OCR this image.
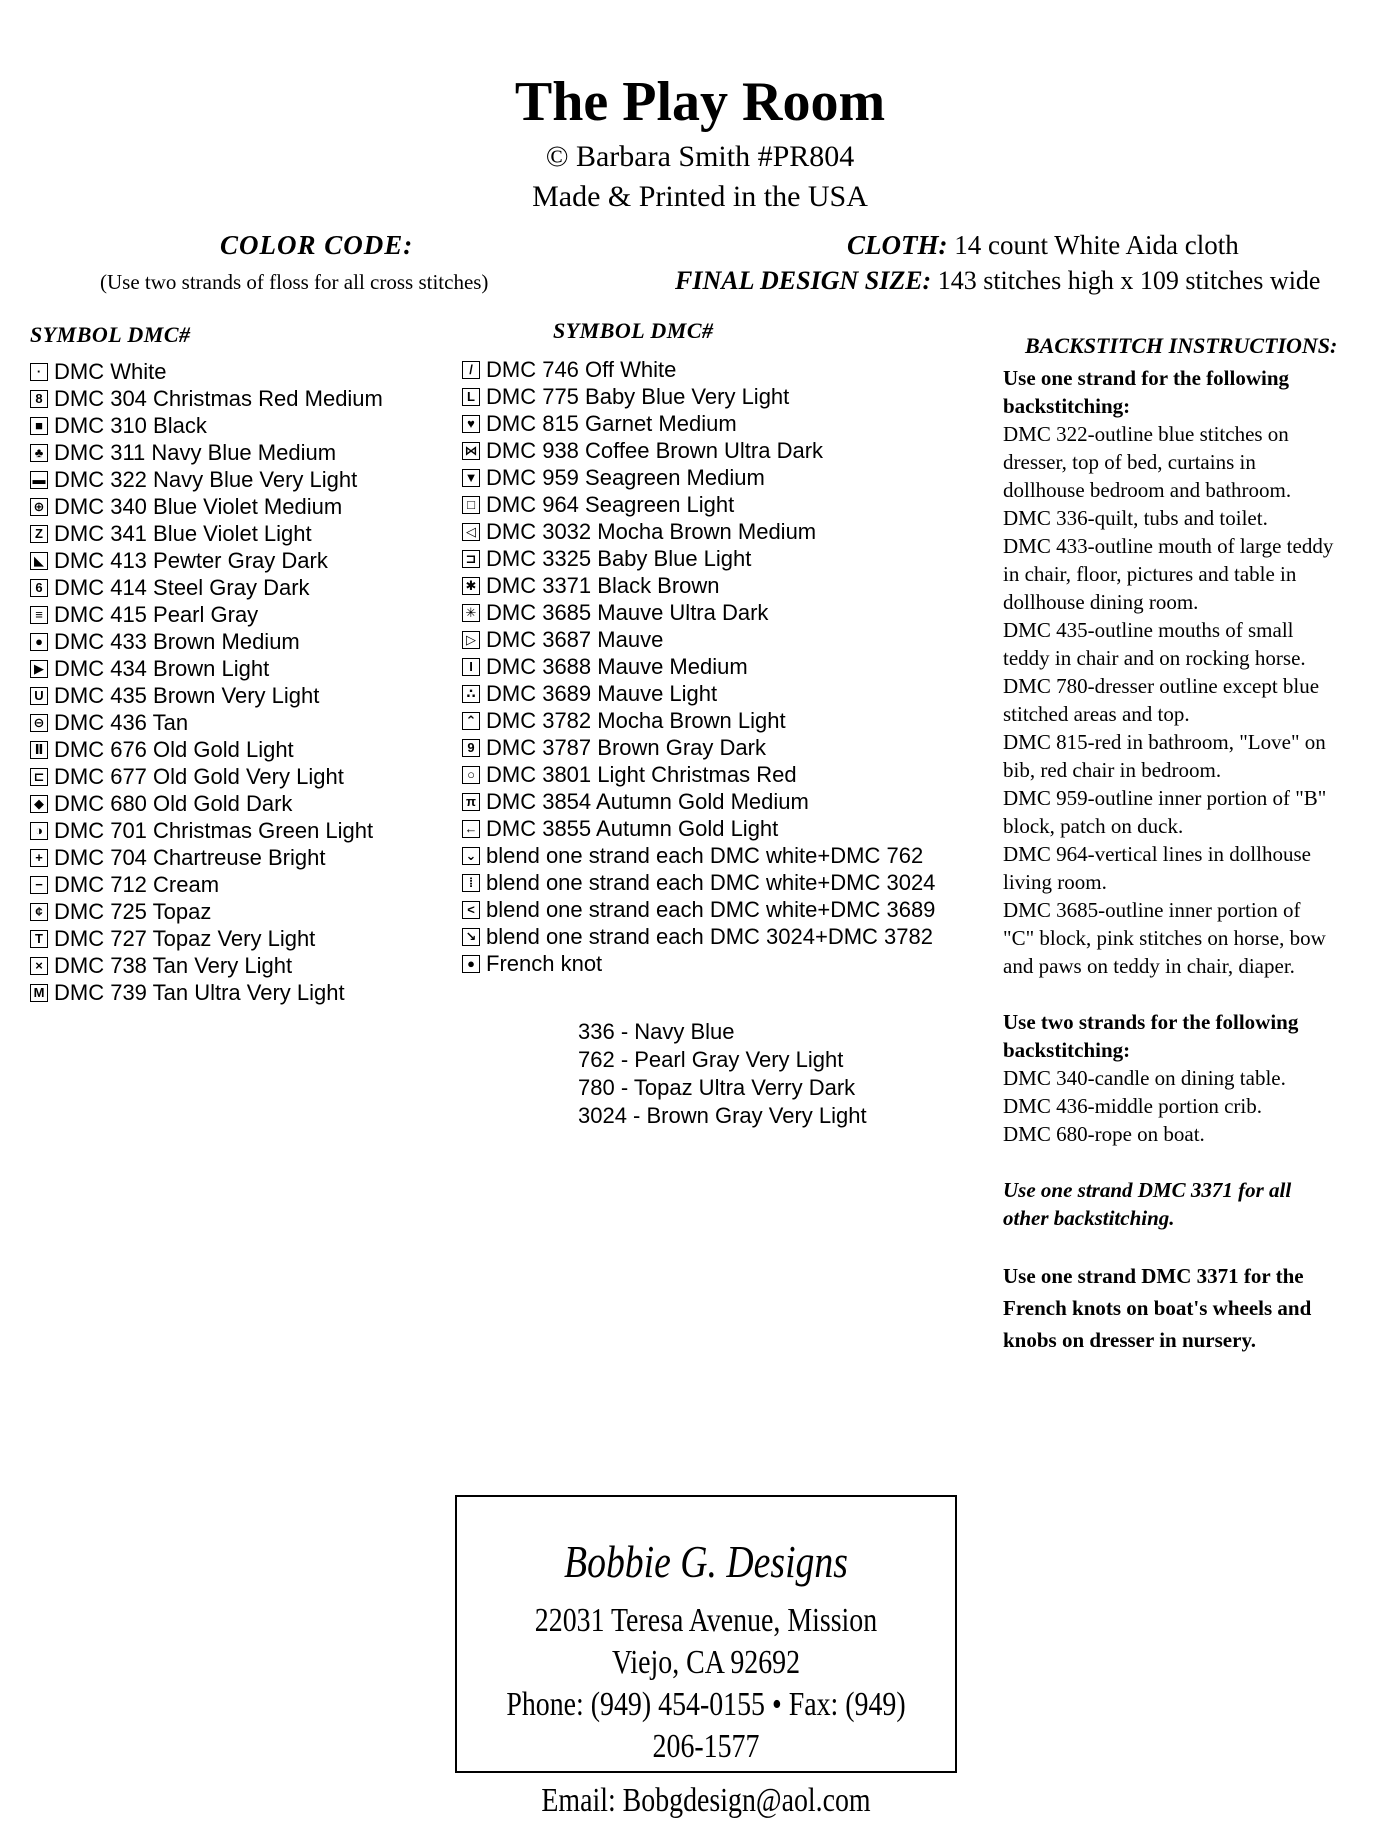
The Play Room
© Barbara Smith #PR804
Made & Printed in the USA
COLOR CODE:
(Use two strands of floss for all cross stitches)
CLOTH: 14 count White Aida cloth
FINAL DESIGN SIZE: 143 stitches high x 109 stitches wide
SYMBOL DMC#	SYMBOL DMC#
· DMC White
8 DMC 304 Christmas Red Medium
■ DMC 310 Black
♣ DMC 311 Navy Blue Medium
▬ DMC 322 Navy Blue Very Light
⊕ DMC 340 Blue Violet Medium
Z DMC 341 Blue Violet Light
◣ DMC 413 Pewter Gray Dark
6 DMC 414 Steel Gray Dark
≡ DMC 415 Pearl Gray
● DMC 433 Brown Medium
▶ DMC 434 Brown Light
U DMC 435 Brown Very Light
⊖ DMC 436 Tan
Ⅱ DMC 676 Old Gold Light
⊏ DMC 677 Old Gold Very Light
◆ DMC 680 Old Gold Dark
◑ DMC 701 Christmas Green Light
+ DMC 704 Chartreuse Bright
− DMC 712 Cream
¢ DMC 725 Topaz
T DMC 727 Topaz Very Light
× DMC 738 Tan Very Light
M DMC 739 Tan Ultra Very Light
/ DMC 746 Off White
L DMC 775 Baby Blue Very Light
♥ DMC 815 Garnet Medium
⋈ DMC 938 Coffee Brown Ultra Dark
▼ DMC 959 Seagreen Medium
□ DMC 964 Seagreen Light
◁ DMC 3032 Mocha Brown Medium
⊐ DMC 3325 Baby Blue Light
✱ DMC 3371 Black Brown
✳ DMC 3685 Mauve Ultra Dark
▷ DMC 3687 Mauve
I DMC 3688 Mauve Medium
∴ DMC 3689 Mauve Light
⌃ DMC 3782 Mocha Brown Light
9 DMC 3787 Brown Gray Dark
○ DMC 3801 Light Christmas Red
π DMC 3854 Autumn Gold Medium
← DMC 3855 Autumn Gold Light
⌄ blend one strand each DMC white+DMC 762
⁞ blend one strand each DMC white+DMC 3024
< blend one strand each DMC white+DMC 3689
↘ blend one strand each DMC 3024+DMC 3782
● French knot
336 - Navy Blue
762 - Pearl Gray Very Light
780 - Topaz Ultra Verry Dark
3024 - Brown Gray Very Light
BACKSTITCH INSTRUCTIONS:
Use one strand for the following
backstitching:
DMC 322-outline blue stitches on
dresser, top of bed, curtains in
dollhouse bedroom and bathroom.
DMC 336-quilt, tubs and toilet.
DMC 433-outline mouth of large teddy
in chair, floor, pictures and table in
dollhouse dining room.
DMC 435-outline mouths of small
teddy in chair and on rocking horse.
DMC 780-dresser outline except blue
stitched areas and top.
DMC 815-red in bathroom, "Love" on
bib, red chair in bedroom.
DMC 959-outline inner portion of "B"
block, patch on duck.
DMC 964-vertical lines in dollhouse
living room.
DMC 3685-outline inner portion of
"C" block, pink stitches on horse, bow
and paws on teddy in chair, diaper.
Use two strands for the following
backstitching:
DMC 340-candle on dining table.
DMC 436-middle portion crib.
DMC 680-rope on boat.
Use one strand DMC 3371 for all
other backstitching.
Use one strand DMC 3371 for the
French knots on boat's wheels and
knobs on dresser in nursery.
Bobbie G. Designs
22031 Teresa Avenue, Mission Viejo, CA 92692
Phone: (949) 454-0155 • Fax: (949) 206-1577
Email: Bobgdesign@aol.com
